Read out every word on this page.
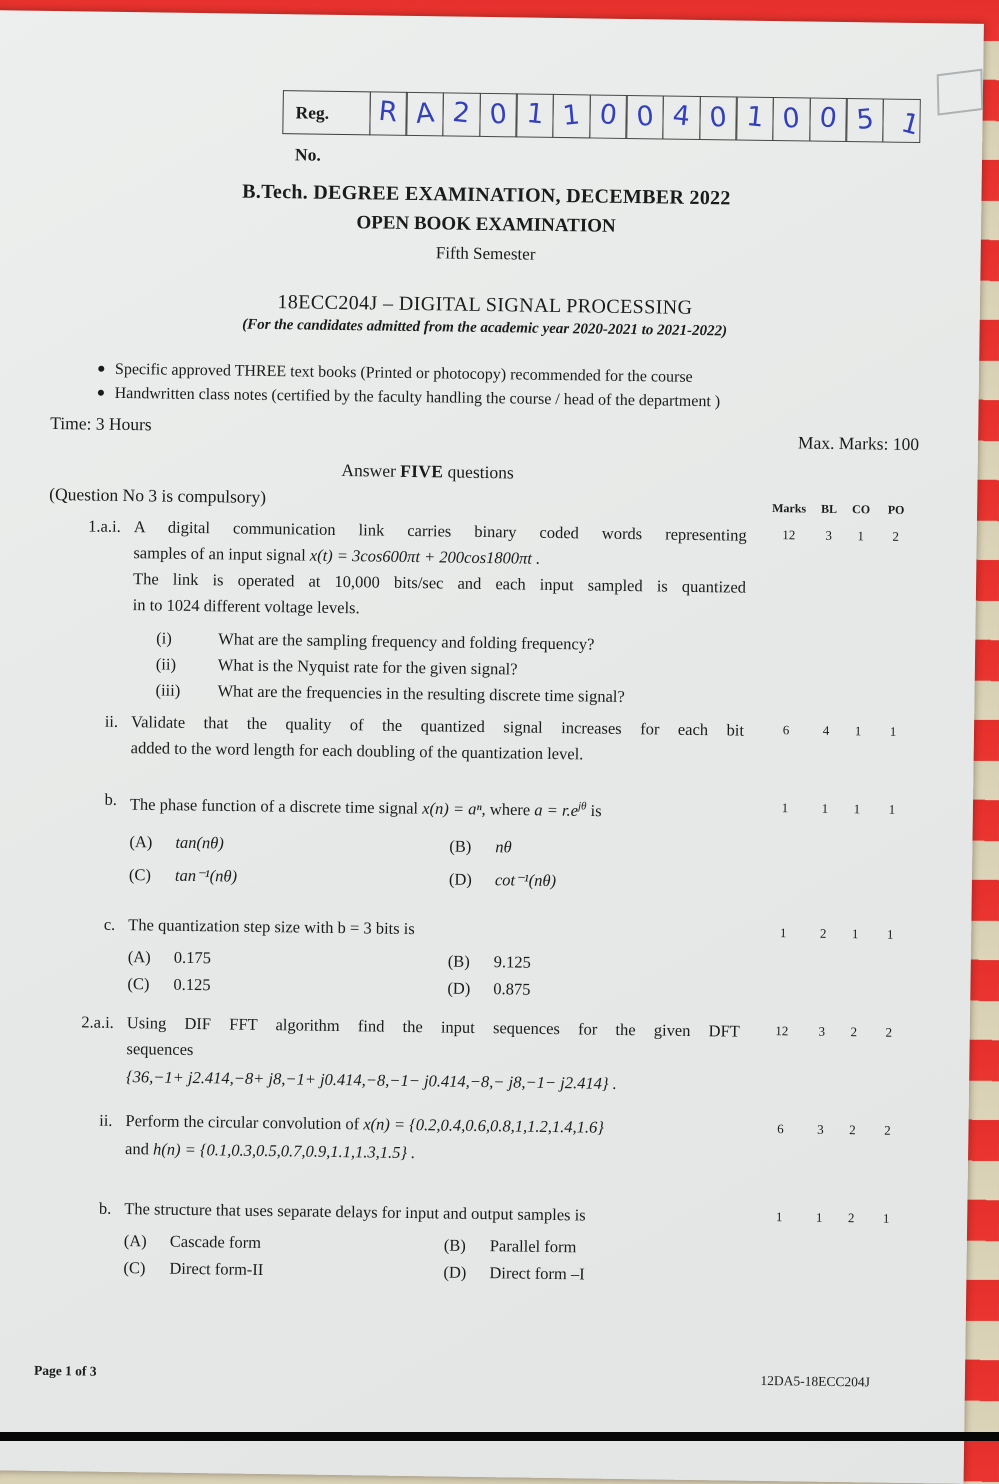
Reg. No.
R A 2 0 1 1 0 0 4 0 1 0 0 5 1
B.Tech. DEGREE EXAMINATION, DECEMBER 2022
OPEN BOOK EXAMINATION
Fifth Semester
18ECC204J – DIGITAL SIGNAL PROCESSING
(For the candidates admitted from the academic year 2020-2021 to 2021-2022)
● Specific approved THREE text books (Printed or photocopy) recommended for the course
● Handwritten class notes (certified by the faculty handling the course / head of the department )
Time: 3 Hours
Max. Marks: 100
Answer FIVE questions
(Question No 3 is compulsory)
Marks	BL	CO	PO
1.a.i. A digital communication link carries binary coded words representing
samples of an input signal x(t) = 3cos600πt + 200cos1800πt .
The link is operated at 10,000 bits/sec and each input sampled is quantized
in to 1024 different voltage levels.
(i)	What are the sampling frequency and folding frequency?
(ii)	What is the Nyquist rate for the given signal?
(iii)	What are the frequencies in the resulting discrete time signal?
12	3	1	2
ii. Validate that the quality of the quantized signal increases for each bit
added to the word length for each doubling of the quantization level.
6	4	1	1
b. The phase function of a discrete time signal x(n) = aⁿ, where $a = r.e^{j\theta}$ is
(A) tan(nθ)	(B) nθ
(C) tan⁻¹(nθ)	(D) cot⁻¹(nθ)
1	1	1	1
c. The quantization step size with b = 3 bits is
(A) 0.175	(B) 9.125
(C) 0.125	(D) 0.875
1	2	1	1
2.a.i. Using DIF FFT algorithm find the input sequences for the given DFT
sequences
{36,−1+ j2.414,−8+ j8,−1+ j0.414,−8,−1− j0.414,−8,− j8,−1− j2.414} .
12	3	2	2
ii. Perform the circular convolution of x(n) = {0.2,0.4,0.6,0.8,1,1.2,1.4,1.6}
and h(n) = {0.1,0.3,0.5,0.7,0.9,1.1,1.3,1.5} .
6	3	2	2
b. The structure that uses separate delays for input and output samples is
(A) Cascade form	(B) Parallel form
(C) Direct form-II	(D) Direct form –I
1	1	2	1
Page 1 of 3
12DA5-18ECC204J
